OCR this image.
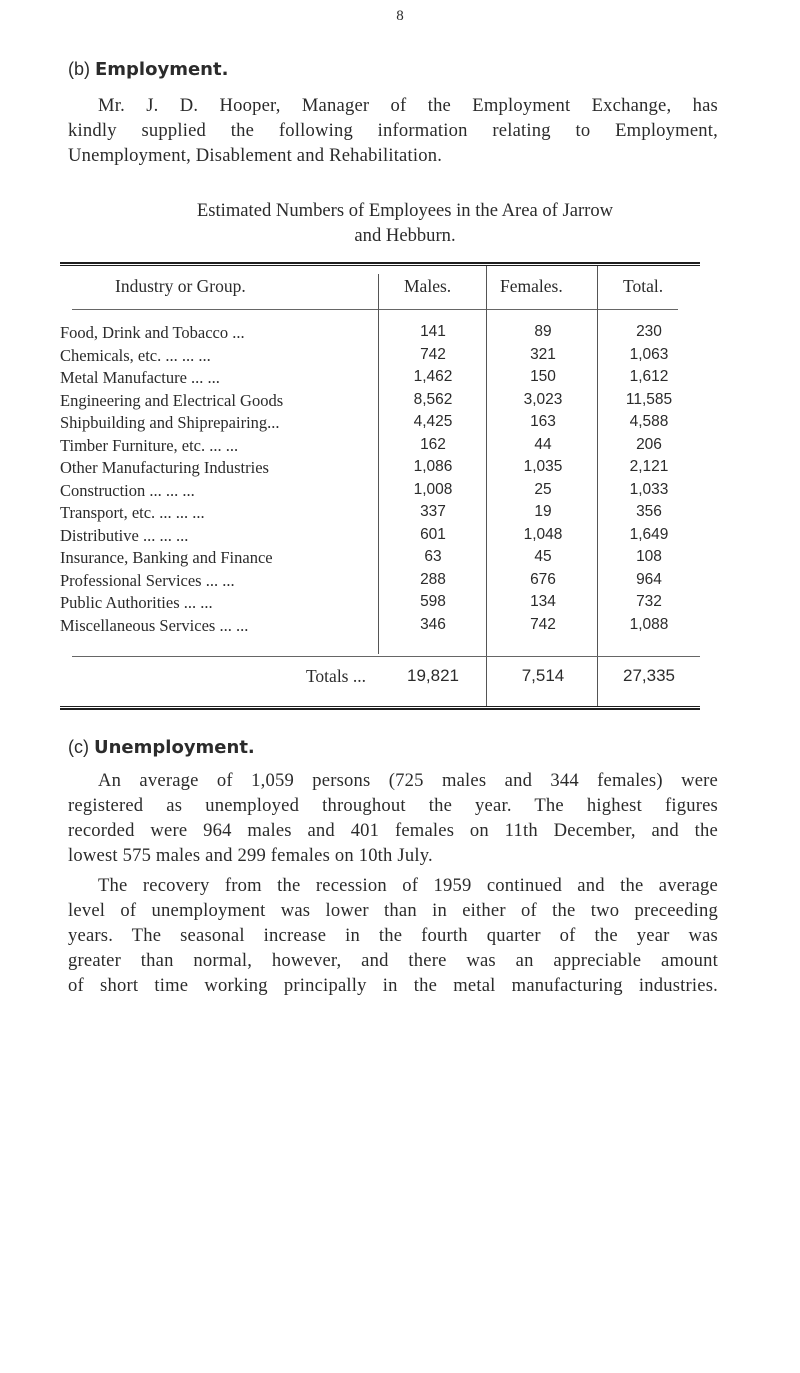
8
(b) Employment.
Mr. J. D. Hooper, Manager of the Employment Exchange, has
kindly supplied the following information relating to Employment,
Unemployment, Disablement and Rehabilitation.
Estimated Numbers of Employees in the Area of Jarrow
and Hebburn.
Industry or Group.	Males.	Females.	Total.
Food, Drink and Tobacco ...	141	89	230
Chemicals, etc. ... ... ...	742	321	1,063
Metal Manufacture ... ...	1,462	150	1,612
Engineering and Electrical Goods	8,562	3,023	11,585
Shipbuilding and Shiprepairing...	4,425	163	4,588
Timber Furniture, etc. ... ...	162	44	206
Other Manufacturing Industries	1,086	1,035	2,121
Construction ... ... ...	1,008	25	1,033
Transport, etc. ... ... ...	337	19	356
Distributive ... ... ...	601	1,048	1,649
Insurance, Banking and Finance	63	45	108
Professional Services ... ...	288	676	964
Public Authorities ... ...	598	134	732
Miscellaneous Services ... ...	346	742	1,088
Totals ...	19,821	7,514	27,335
(c) Unemployment.
An average of 1,059 persons (725 males and 344 females) were
registered as unemployed throughout the year. The highest figures
recorded were 964 males and 401 females on 11th December, and the
lowest 575 males and 299 females on 10th July.
The recovery from the recession of 1959 continued and the average
level of unemployment was lower than in either of the two preceeding
years. The seasonal increase in the fourth quarter of the year was
greater than normal, however, and there was an appreciable amount
of short time working principally in the metal manufacturing industries.
